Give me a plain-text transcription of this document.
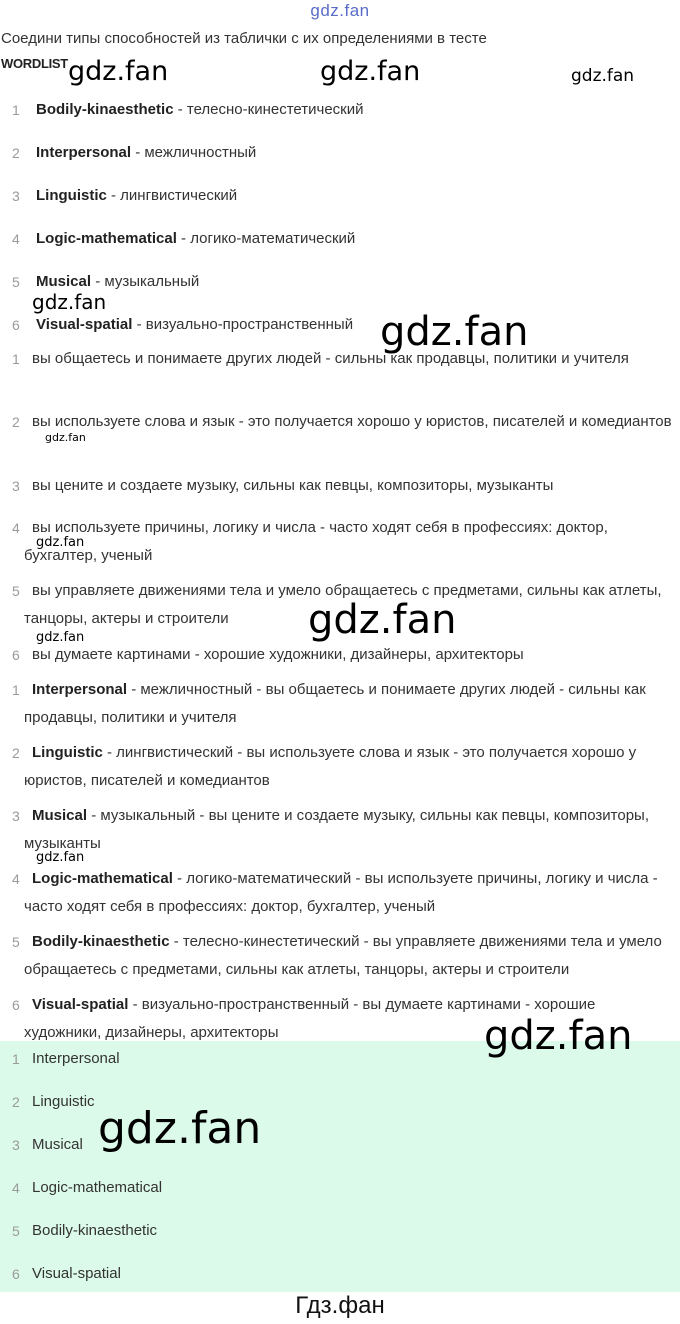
gdz.fan
Соедини типы способностей из таблички с их определениями в тесте
WORDLIST
1 Bodily-kinaesthetic - телесно-кинестетический
2 Interpersonal - межличностный
3 Linguistic - лингвистический
4 Logic-mathematical - логико-математический
5 Musical - музыкальный
6 Visual-spatial - визуально-пространственный
1 вы общаетесь и понимаете других людей - сильны как продавцы, политики и учителя
2 вы используете слова и язык - это получается хорошо у юристов, писателей и комедиантов
3 вы цените и создаете музыку, сильны как певцы, композиторы, музыканты
4 вы используете причины, логику и числа - часто ходят себя в профессиях: доктор, бухгалтер, ученый
5 вы управляете движениями тела и умело обращаетесь с предметами, сильны как атлеты, танцоры, актеры и строители
6 вы думаете картинами - хорошие художники, дизайнеры, архитекторы
1 Interpersonal - межличностный - вы общаетесь и понимаете других людей - сильны как продавцы, политики и учителя
2 Linguistic - лингвистический - вы используете слова и язык - это получается хорошо у юристов, писателей и комедиантов
3 Musical - музыкальный - вы цените и создаете музыку, сильны как певцы, композиторы, музыканты
4 Logic-mathematical - логико-математический - вы используете причины, логику и числа - часто ходят себя в профессиях: доктор, бухгалтер, ученый
5 Bodily-kinaesthetic - телесно-кинестетический - вы управляете движениями тела и умело обращаетесь с предметами, сильны как атлеты, танцоры, актеры и строители
6 Visual-spatial - визуально-пространственный - вы думаете картинами - хорошие художники, дизайнеры, архитекторы
1 Interpersonal
2 Linguistic
3 Musical
4 Logic-mathematical
5 Bodily-kinaesthetic
6 Visual-spatial
gdz.fan	gdz.fan	gdz.fan
gdz.fan
gdz.fan
gdz.fan
gdz.fan
gdz.fan
gdz.fan
gdz.fan
gdz.fan
gdz.fan
Гдз.фан
